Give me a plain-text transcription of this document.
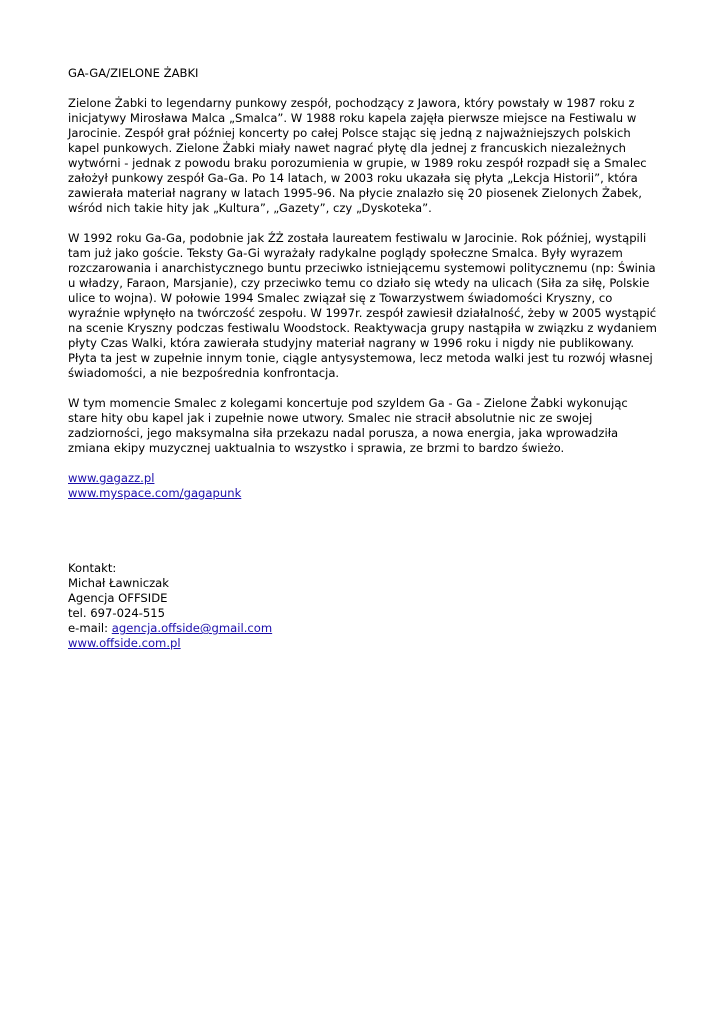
GA-GA/ZIELONE ŻABKI

Zielone Żabki to legendarny punkowy zespół, pochodzący z Jawora, który powstały w 1987 roku z inicjatywy Mirosława Malca „Smalca”. W 1988 roku kapela zajęła pierwsze miejsce na Festiwalu w Jarocinie. Zespół grał później koncerty po całej Polsce stając się jedną z najważniejszych polskich kapel punkowych. Zielone Żabki miały nawet nagrać płytę dla jednej z francuskich niezależnych wytwórni - jednak z powodu braku porozumienia w grupie, w 1989 roku zespół rozpadł się a Smalec założył punkowy zespół Ga-Ga. Po 14 latach, w 2003 roku ukazała się płyta „Lekcja Historii”, która zawierała materiał nagrany w latach 1995-96. Na płycie znalazło się 20 piosenek Zielonych Żabek, wśród nich takie hity jak „Kultura”, „Gazety”, czy „Dyskoteka”.

W 1992 roku Ga-Ga, podobnie jak ŹŻ została laureatem festiwalu w Jarocinie. Rok później, wystąpili tam już jako goście. Teksty Ga-Gi wyrażały radykalne poglądy społeczne Smalca. Były wyrazem rozczarowania i anarchistycznego buntu przeciwko istniejącemu systemowi politycznemu (np: Świnia u władzy, Faraon, Marsjanie), czy przeciwko temu co działo się wtedy na ulicach (Siła za siłę, Polskie ulice to wojna). W połowie 1994 Smalec związał się z Towarzystwem świadomości Kryszny, co wyraźnie wpłynęło na twórczość zespołu. W 1997r. zespół zawiesił działalność, żeby w 2005 wystąpić na scenie Kryszny podczas festiwalu Woodstock. Reaktywacja grupy nastąpiła w związku z wydaniem płyty Czas Walki, która zawierała studyjny materiał nagrany w 1996 roku i nigdy nie publikowany. Płyta ta jest w zupełnie innym tonie, ciągle antysystemowa, lecz metoda walki jest tu rozwój własnej świadomości, a nie bezpośrednia konfrontacja.

W tym momencie Smalec z kolegami koncertuje pod szyldem Ga - Ga - Zielone Żabki wykonując stare hity obu kapel jak i zupełnie nowe utwory. Smalec nie stracił absolutnie nic ze swojej zadziorności, jego maksymalna siła przekazu nadal porusza, a nowa energia, jaka wprowadziła zmiana ekipy muzycznej uaktualnia to wszystko i sprawia, ze brzmi to bardzo świeżo.

www.gagazz.pl
www.myspace.com/gagapunk
Kontakt:
Michał Ławniczak
Agencja OFFSIDE
tel. 697-024-515
e-mail: agencja.offside@gmail.com
www.offside.com.pl
